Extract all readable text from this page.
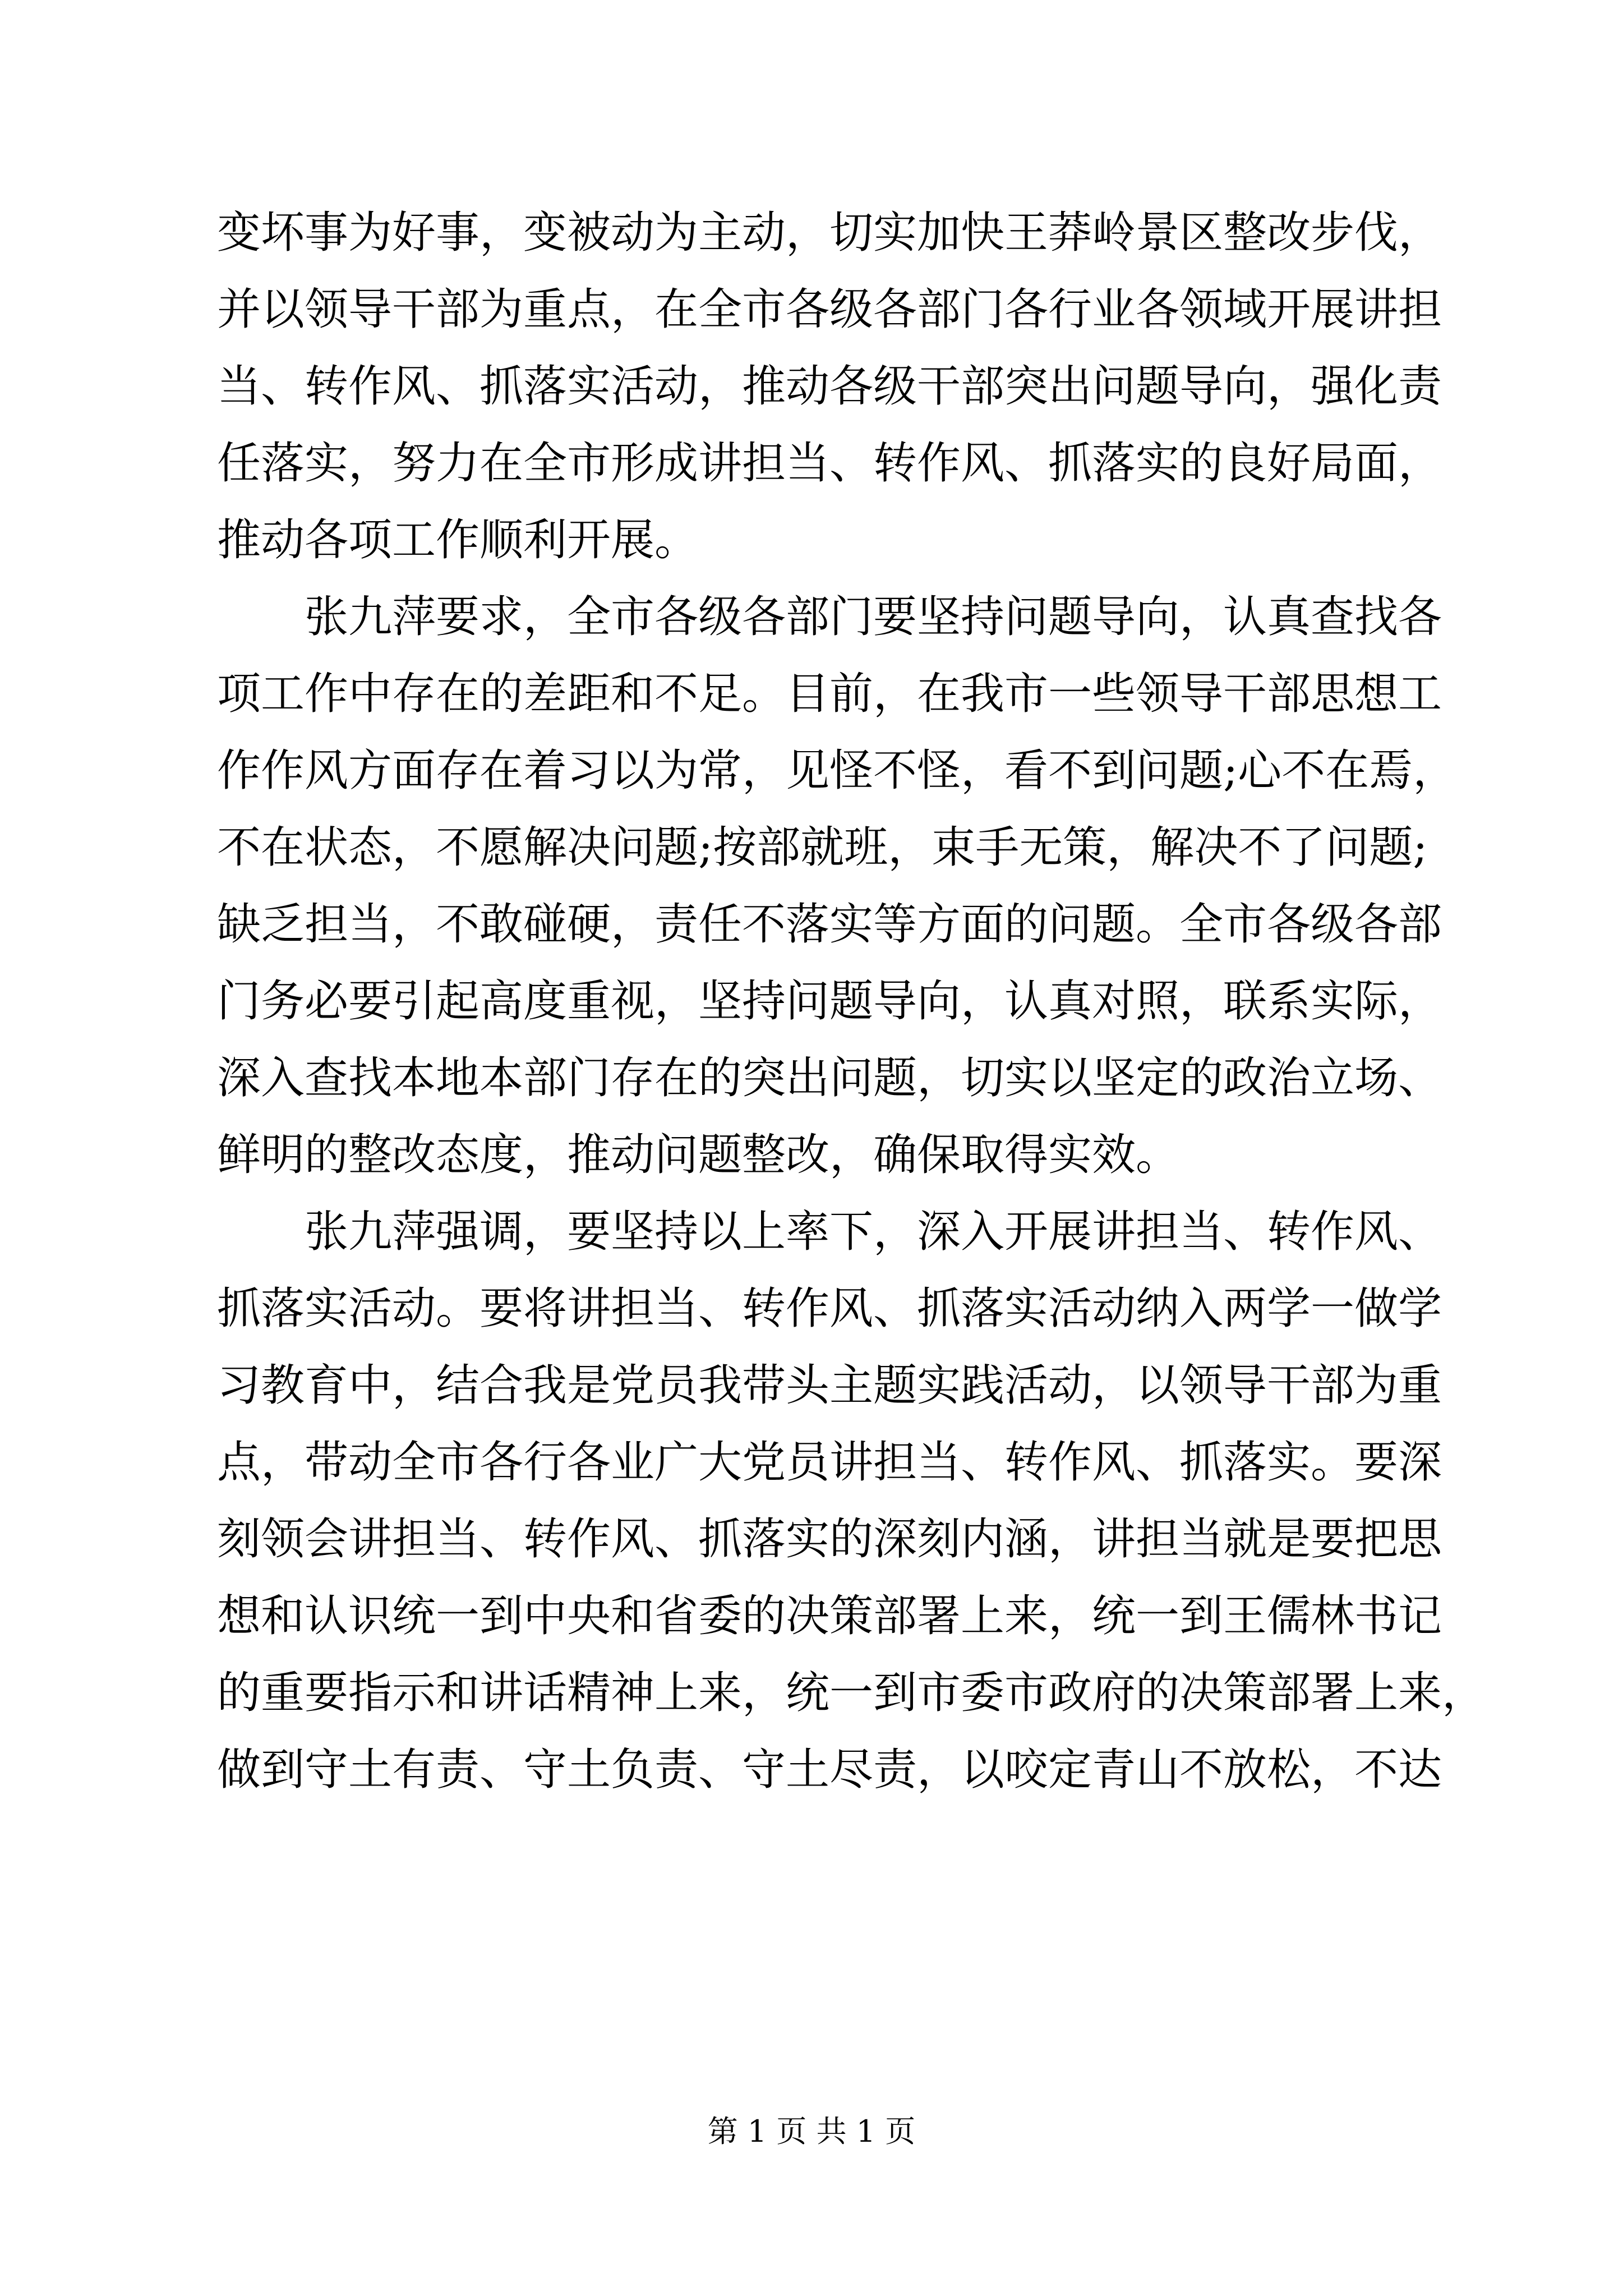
变坏事为好事，变被动为主动，切实加快王莽岭景区整改步伐，
并以领导干部为重点，在全市各级各部门各行业各领域开展讲担
当、转作风、抓落实活动，推动各级干部突出问题导向，强化责
任落实，努力在全市形成讲担当、转作风、抓落实的良好局面，
推动各项工作顺利开展。
张九萍要求，全市各级各部门要坚持问题导向，认真查找各
项工作中存在的差距和不足。目前，在我市一些领导干部思想工
作作风方面存在着习以为常，见怪不怪，看不到问题;心不在焉，
不在状态，不愿解决问题;按部就班，束手无策，解决不了问题;
缺乏担当，不敢碰硬，责任不落实等方面的问题。全市各级各部
门务必要引起高度重视，坚持问题导向，认真对照，联系实际，
深入查找本地本部门存在的突出问题，切实以坚定的政治立场、
鲜明的整改态度，推动问题整改，确保取得实效。
张九萍强调，要坚持以上率下，深入开展讲担当、转作风、
抓落实活动。要将讲担当、转作风、抓落实活动纳入两学一做学
习教育中，结合我是党员我带头主题实践活动，以领导干部为重
点，带动全市各行各业广大党员讲担当、转作风、抓落实。要深
刻领会讲担当、转作风、抓落实的深刻内涵，讲担当就是要把思
想和认识统一到中央和省委的决策部署上来，统一到王儒林书记
的重要指示和讲话精神上来，统一到市委市政府的决策部署上来，
做到守土有责、守土负责、守土尽责，以咬定青山不放松，不达
第 1 页 共 1 页
